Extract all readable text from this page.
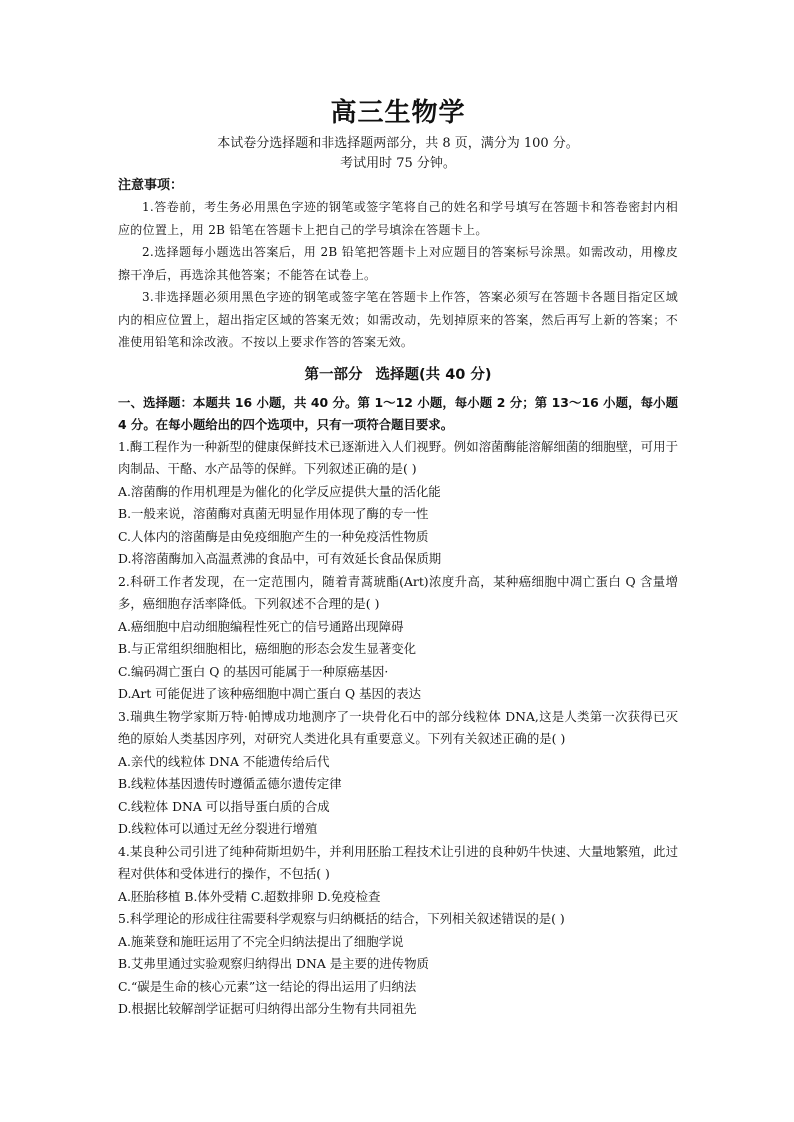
高三生物学
本试卷分选择题和非选择题两部分，共 8 页，满分为 100 分。
考试用时 75 分钟。
注意事项：
1.答卷前，考生务必用黑色字迹的钢笔或签字笔将自己的姓名和学号填写在答题卡和答卷密封内相应的位置上，用 2B 铅笔在答题卡上把自己的学号填涂在答题卡上。
2.选择题每小题选出答案后，用 2B 铅笔把答题卡上对应题目的答案标号涂黑。如需改动，用橡皮擦干净后，再选涂其他答案；不能答在试卷上。
3.非选择题必须用黑色字迹的钢笔或签字笔在答题卡上作答，答案必须写在答题卡各题目指定区域内的相应位置上，超出指定区域的答案无效；如需改动，先划掉原来的答案，然后再写上新的答案；不准使用铅笔和涂改液。不按以上要求作答的答案无效。
第一部分 选择题(共 40 分)
一、选择题：本题共 16 小题，共 40 分。第 1～12 小题，每小题 2 分；第 13～16 小题，每小题 4 分。在每小题给出的四个选项中，只有一项符合题目要求。
1.酶工程作为一种新型的健康保鲜技术已逐渐进入人们视野。例如溶菌酶能溶解细菌的细胞壁，可用于肉制品、干酪、水产品等的保鲜。下列叙述正确的是( )
A.溶菌酶的作用机理是为催化的化学反应提供大量的活化能
B.一般来说，溶菌酶对真菌无明显作用体现了酶的专一性
C.人体内的溶菌酶是由免疫细胞产生的一种免疫活性物质
D.将溶菌酶加入高温煮沸的食品中，可有效延长食品保质期
2.科研工作者发现，在一定范围内，随着青蒿琥酯(Art)浓度升高，某种癌细胞中凋亡蛋白 Q 含量增多，癌细胞存活率降低。下列叙述不合理的是( )
A.癌细胞中启动细胞编程性死亡的信号通路出现障碍
B.与正常组织细胞相比，癌细胞的形态会发生显著变化
C.编码凋亡蛋白 Q 的基因可能属于一种原癌基因·
D.Art 可能促进了该种癌细胞中凋亡蛋白 Q 基因的表达
3.瑞典生物学家斯万特·帕博成功地测序了一块骨化石中的部分线粒体 DNA,这是人类第一次获得已灭绝的原始人类基因序列，对研究人类进化具有重要意义。下列有关叙述正确的是( )
A.亲代的线粒体 DNA 不能遗传给后代
B.线粒体基因遗传时遵循孟德尔遗传定律
C.线粒体 DNA 可以指导蛋白质的合成
D.线粒体可以通过无丝分裂进行增殖
4.某良种公司引进了纯种荷斯坦奶牛，并利用胚胎工程技术让引进的良种奶牛快速、大量地繁殖，此过程对供体和受体进行的操作，不包括( )
A.胚胎移植 B.体外受精 C.超数排卵 D.免疫检查
5.科学理论的形成往往需要科学观察与归纳概括的结合，下列相关叙述错误的是( )
A.施莱登和施旺运用了不完全归纳法提出了细胞学说
B.艾弗里通过实验观察归纳得出 DNA 是主要的进传物质
C.“碳是生命的核心元素”这一结论的得出运用了归纳法
D.根据比较解剖学证据可归纳得出部分生物有共同祖先
